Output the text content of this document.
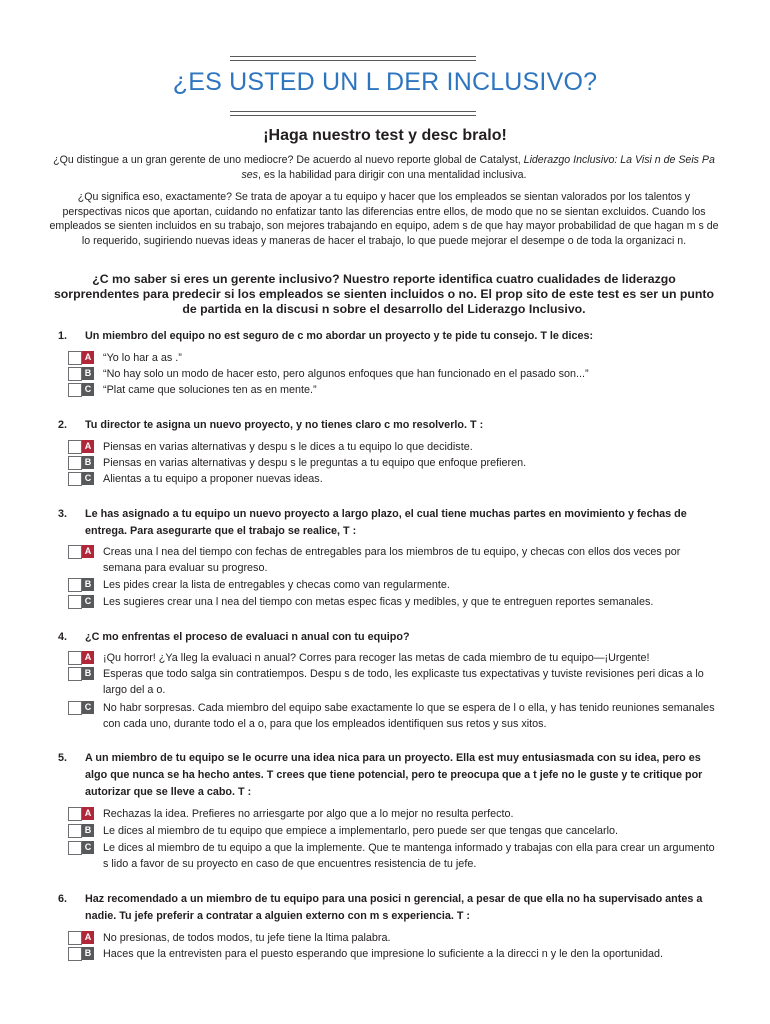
¿ES USTED UN L DER INCLUSIVO?
¡Haga nuestro test y desc bralo!
¿Qu distingue a un gran gerente de uno mediocre? De acuerdo al nuevo reporte global de Catalyst, Liderazgo Inclusivo: La Visi n de Seis Pa ses, es la habilidad para dirigir con una mentalidad inclusiva.
¿Qu significa eso, exactamente? Se trata de apoyar a tu equipo y hacer que los empleados se sientan valorados por los talentos y perspectivas nicos que aportan, cuidando no enfatizar tanto las diferencias entre ellos, de modo que no se sientan excluidos. Cuando los empleados se sienten incluidos en su trabajo, son mejores trabajando en equipo, adem s de que hay mayor probabilidad de que hagan m s de lo requerido, sugiriendo nuevas ideas y maneras de hacer el trabajo, lo que puede mejorar el desempe o de toda la organizaci n.
¿C mo saber si eres un gerente inclusivo? Nuestro reporte identifica cuatro cualidades de liderazgo sorprendentes para predecir si los empleados se sienten incluidos o no. El prop sito de este test es ser un punto de partida en la discusi n sobre el desarrollo del Liderazgo Inclusivo.
1.	Un miembro del equipo no est seguro de c mo abordar un proyecto y te pide tu consejo. T le dices:
A	“Yo lo har a as .”
B	“No hay solo un modo de hacer esto, pero algunos enfoques que han funcionado en el pasado son...”
C	“Plat came que soluciones ten as en mente.”
2.	Tu director te asigna un nuevo proyecto, y no tienes claro c mo resolverlo. T :
A	Piensas en varias alternativas y despu s le dices a tu equipo lo que decidiste.
B	Piensas en varias alternativas y despu s le preguntas a tu equipo que enfoque prefieren.
C	Alientas a tu equipo a proponer nuevas ideas.
3.	Le has asignado a tu equipo un nuevo proyecto a largo plazo, el cual tiene muchas partes en movimiento y fechas de entrega. Para asegurarte que el trabajo se realice, T :
A	Creas una l nea del tiempo con fechas de entregables para los miembros de tu equipo, y checas con ellos dos veces por semana para evaluar su progreso.
B	Les pides crear la lista de entregables y checas como van regularmente.
C	Les sugieres crear una l nea del tiempo con metas espec ficas y medibles, y que te entreguen reportes semanales.
4.	¿C mo enfrentas el proceso de evaluaci n anual con tu equipo?
A	¡Qu horror! ¿Ya lleg la evaluaci n anual? Corres para recoger las metas de cada miembro de tu equipo—¡Urgente!
B	Esperas que todo salga sin contratiempos. Despu s de todo, les explicaste tus expectativas y tuviste revisiones peri dicas a lo largo del a o.
C	No habr sorpresas. Cada miembro del equipo sabe exactamente lo que se espera de l o ella, y has tenido reuniones semanales con cada uno, durante todo el a o, para que los empleados identifiquen sus retos y sus xitos.
5.	A un miembro de tu equipo se le ocurre una idea nica para un proyecto. Ella est muy entusiasmada con su idea, pero es algo que nunca se ha hecho antes. T crees que tiene potencial, pero te preocupa que a t jefe no le guste y te critique por autorizar que se lleve a cabo. T :
A	Rechazas la idea. Prefieres no arriesgarte por algo que a lo mejor no resulta perfecto.
B	Le dices al miembro de tu equipo que empiece a implementarlo, pero puede ser que tengas que cancelarlo.
C	Le dices al miembro de tu equipo a que la implemente. Que te mantenga informado y trabajas con ella para crear un argumento s lido a favor de su proyecto en caso de que encuentres resistencia de tu jefe.
6.	Haz recomendado a un miembro de tu equipo para una posici n gerencial, a pesar de que ella no ha supervisado antes a nadie. Tu jefe preferir a contratar a alguien externo con m s experiencia. T :
A	No presionas, de todos modos, tu jefe tiene la ltima palabra.
B	Haces que la entrevisten para el puesto esperando que impresione lo suficiente a la direcci n y le den la oportunidad.
